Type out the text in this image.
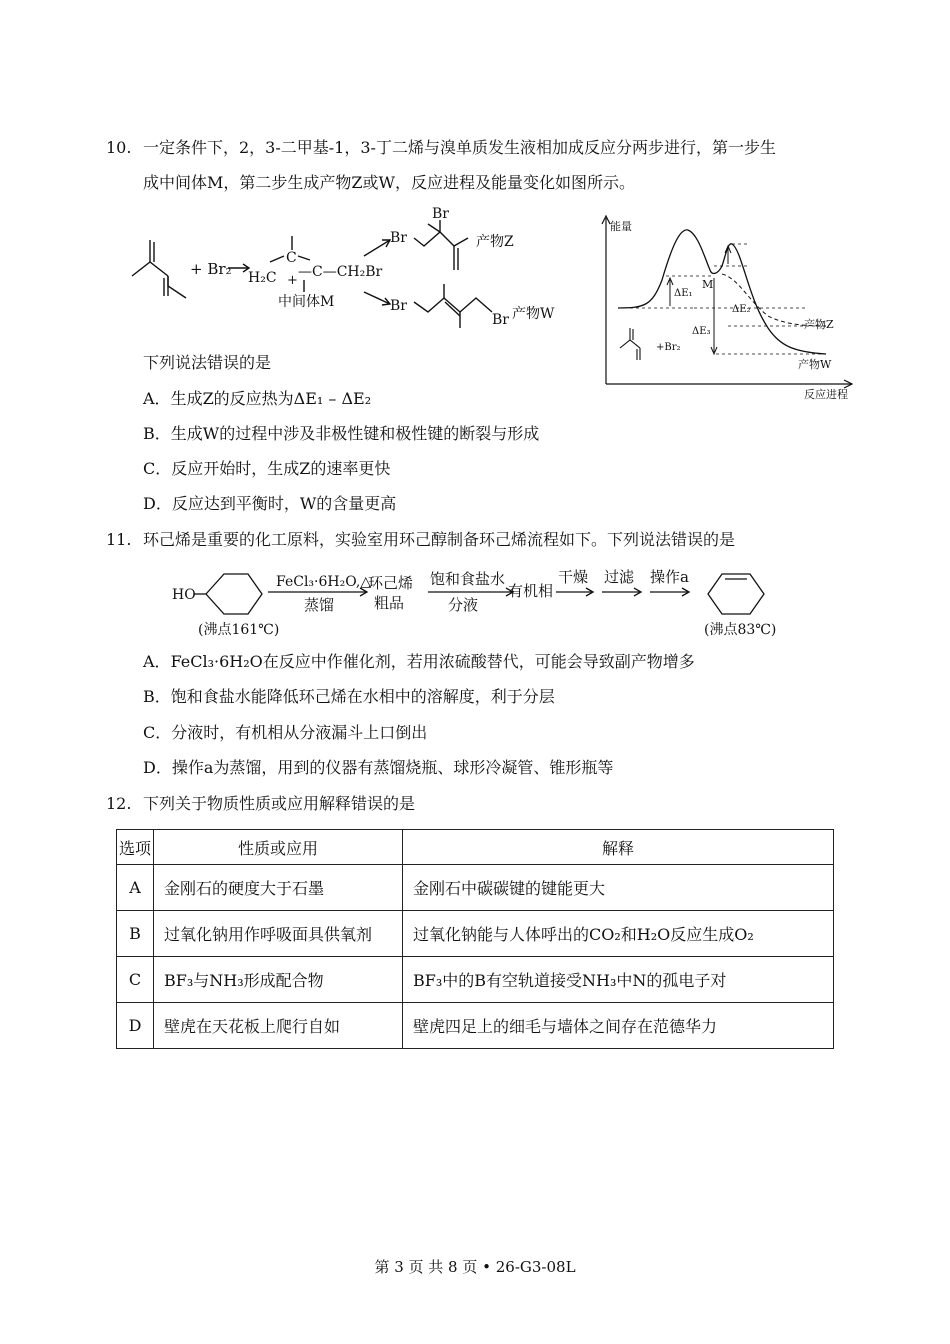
10. 一定条件下，2，3-二甲基-1，3-丁二烯与溴单质发生液相加成反应分两步进行，第一步生
成中间体M，第二步生成产物Z或W，反应进程及能量变化如图所示。
+ Br₂ H₂C
C
—C—CH₂Br
+
中间体M
Br
Br	产物Z
Br
Br 产物W
能量
反应进程
M
ΔE₁
ΔE₂
ΔE₃
产物Z
产物W
+Br₂
下列说法错误的是
A．生成Z的反应热为ΔE₁ – ΔE₂
B．生成W的过程中涉及非极性键和极性键的断裂与形成
C．反应开始时，生成Z的速率更快
D．反应达到平衡时，W的含量更高
11. 环己烯是重要的化工原料，实验室用环己醇制备环己烯流程如下。下列说法错误的是
HO
(沸点161℃)
FeCl₃·6H₂O,△
蒸馏
环己烯
粗品
饱和食盐水
分液
有机相
干燥 过滤 操作a
(沸点83℃)
A．FeCl₃·6H₂O在反应中作催化剂，若用浓硫酸替代，可能会导致副产物增多
B．饱和食盐水能降低环己烯在水相中的溶解度，利于分层
C．分液时，有机相从分液漏斗上口倒出
D．操作a为蒸馏，用到的仪器有蒸馏烧瓶、球形冷凝管、锥形瓶等
12. 下列关于物质性质或应用解释错误的是
选项	性质或应用	解释
A	金刚石的硬度大于石墨	金刚石中碳碳键的键能更大
B	过氧化钠用作呼吸面具供氧剂	过氧化钠能与人体呼出的CO₂和H₂O反应生成O₂
C	BF₃与NH₃形成配合物	BF₃中的B有空轨道接受NH₃中N的孤电子对
D	壁虎在天花板上爬行自如	壁虎四足上的细毛与墙体之间存在范德华力
第 3 页 共 8 页 • 26-G3-08L
